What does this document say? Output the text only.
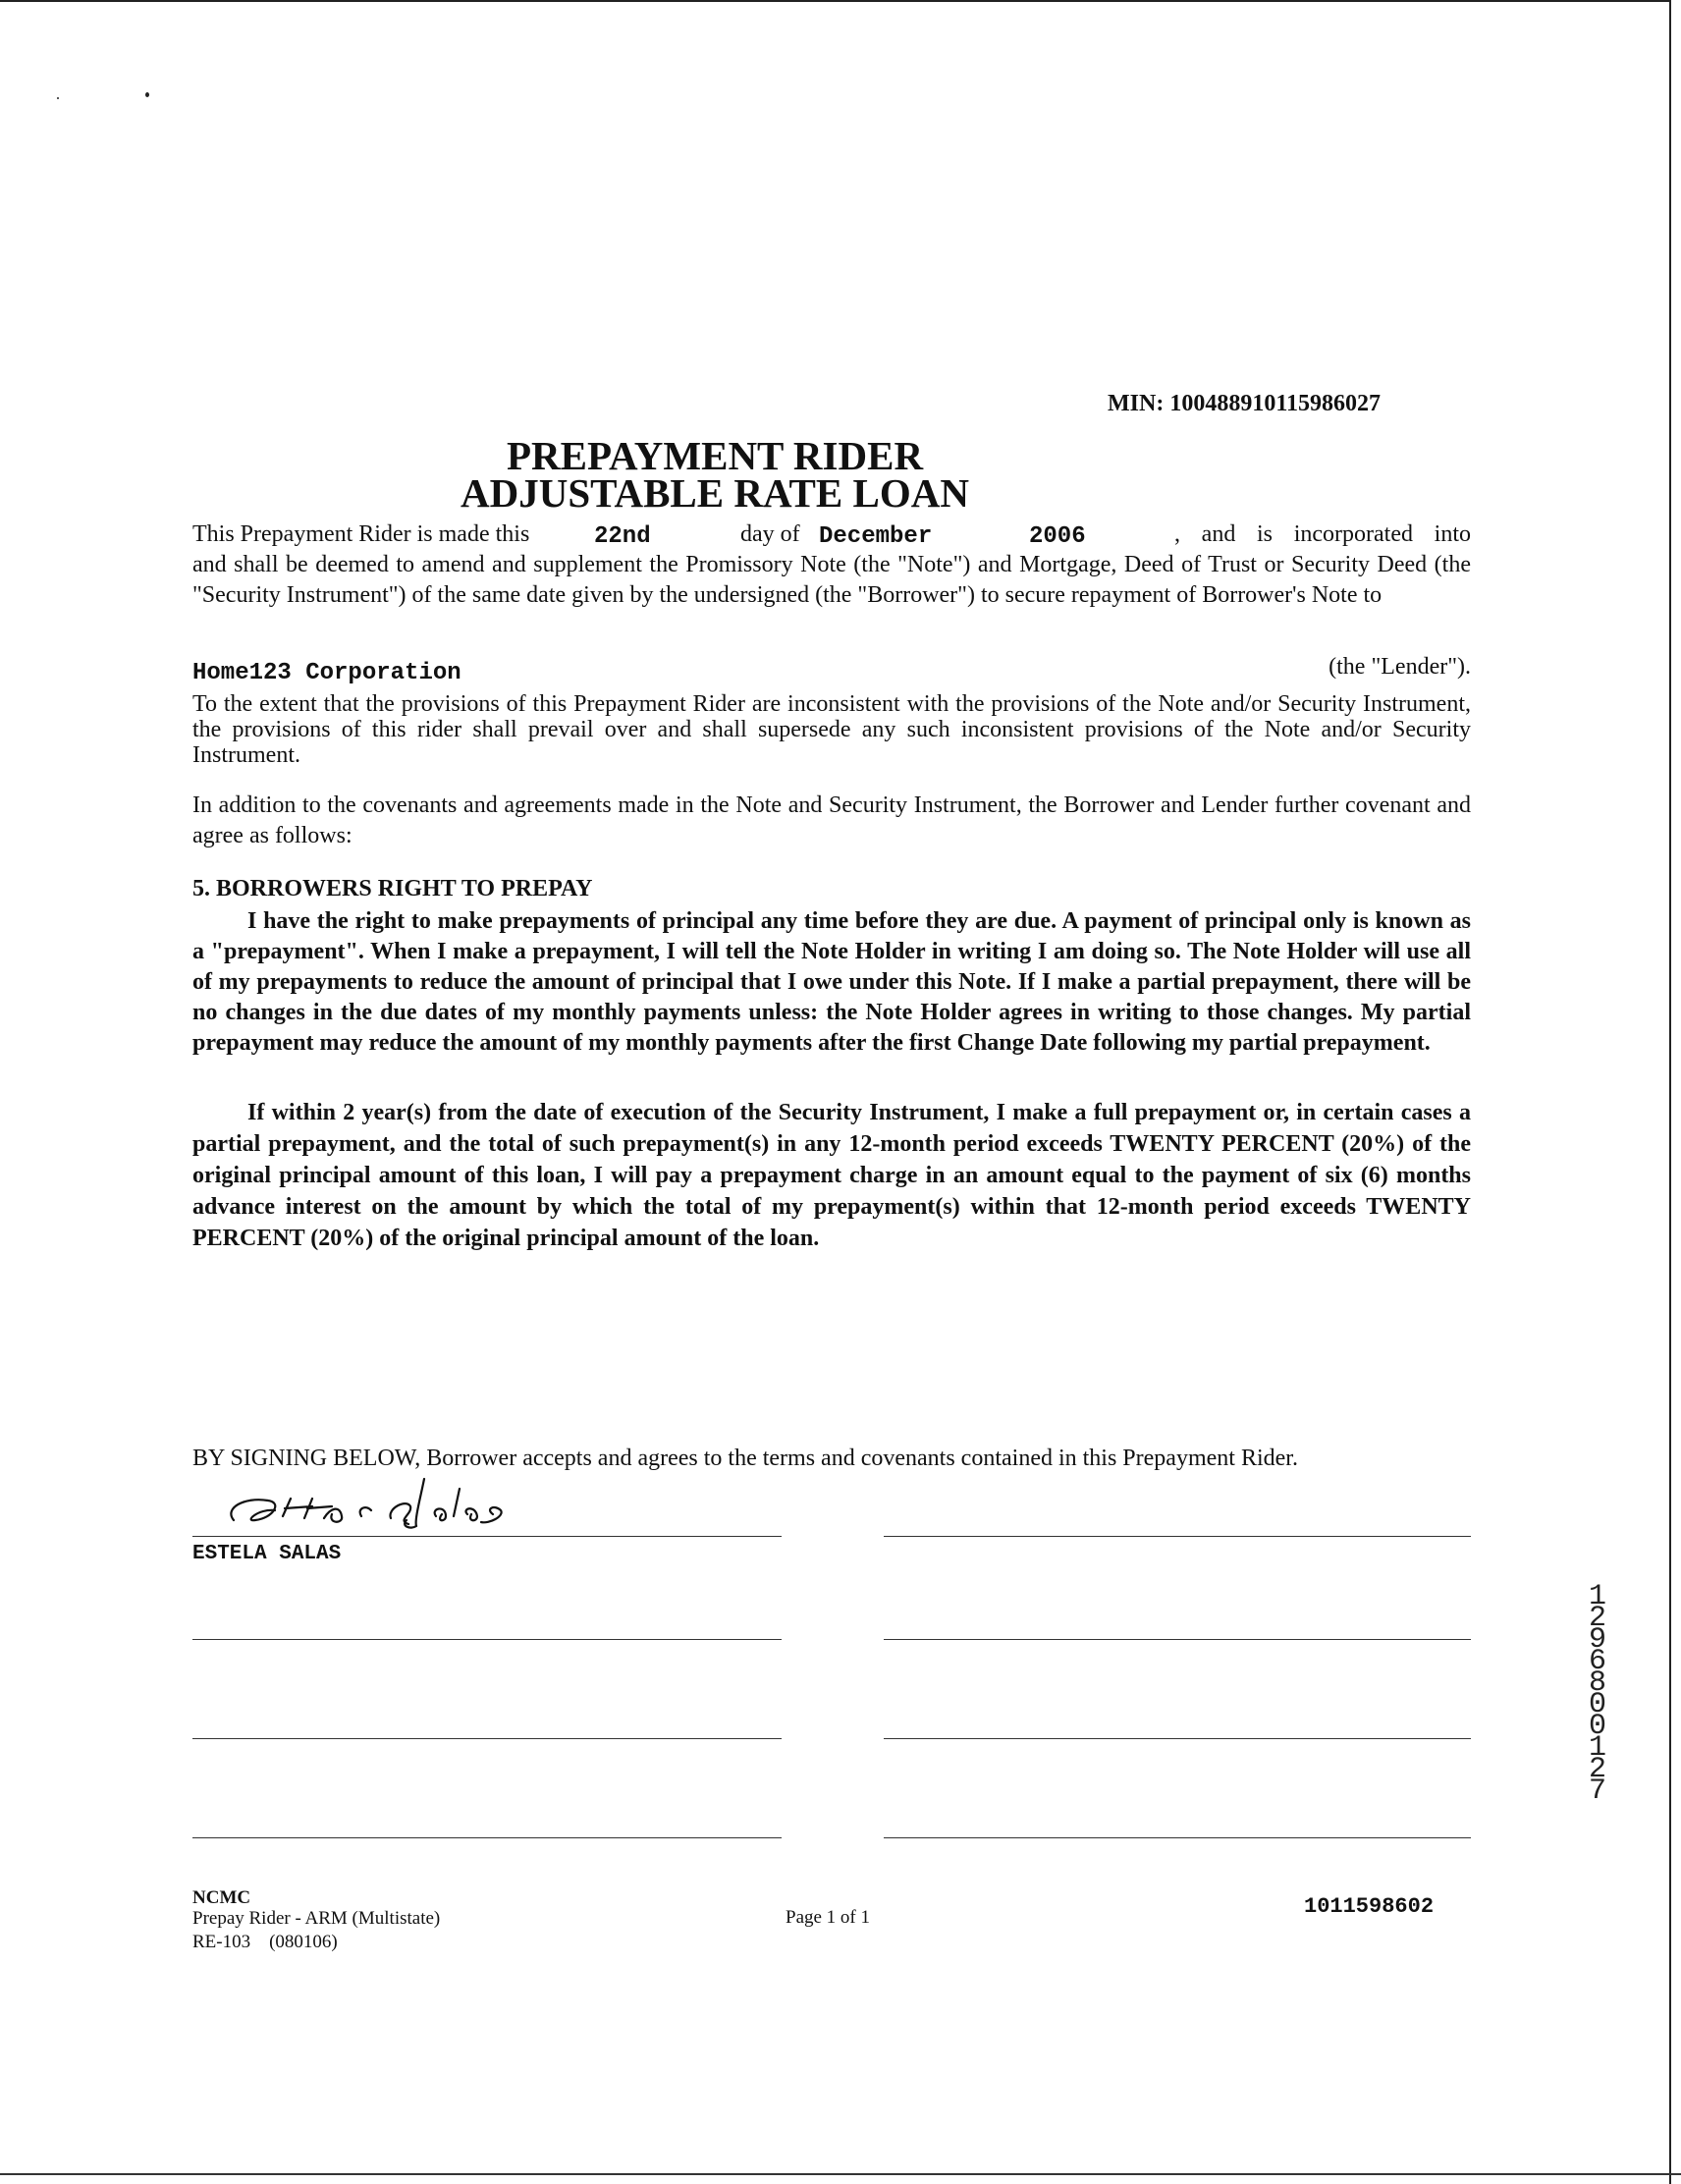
MIN: 100488910115986027
PREPAYMENT RIDER
ADJUSTABLE RATE LOAN
This Prepayment Rider is made this	22nd	day of December	2006	, and is incorporated into
and shall be deemed to amend and supplement the Promissory Note (the "Note") and Mortgage, Deed of Trust or Security Deed (the "Security Instrument") of the same date given by the undersigned (the "Borrower") to secure repayment of Borrower's Note to
Home123 Corporation	(the "Lender").
To the extent that the provisions of this Prepayment Rider are inconsistent with the provisions of the Note and/or Security Instrument, the provisions of this rider shall prevail over and shall supersede any such inconsistent provisions of the Note and/or Security Instrument.
In addition to the covenants and agreements made in the Note and Security Instrument, the Borrower and Lender further covenant and agree as follows:
5. BORROWERS RIGHT TO PREPAY
I have the right to make prepayments of principal any time before they are due. A payment of principal only is known as a "prepayment". When I make a prepayment, I will tell the Note Holder in writing I am doing so. The Note Holder will use all of my prepayments to reduce the amount of principal that I owe under this Note. If I make a partial prepayment, there will be no changes in the due dates of my monthly payments unless: the Note Holder agrees in writing to those changes. My partial prepayment may reduce the amount of my monthly payments after the first Change Date following my partial prepayment.
If within 2 year(s) from the date of execution of the Security Instrument, I make a full prepayment or, in certain cases a partial prepayment, and the total of such prepayment(s) in any 12-month period exceeds TWENTY PERCENT (20%) of the original principal amount of this loan, I will pay a prepayment charge in an amount equal to the payment of six (6) months advance interest on the amount by which the total of my prepayment(s) within that 12-month period exceeds TWENTY PERCENT (20%) of the original principal amount of the loan.
BY SIGNING BELOW, Borrower accepts and agrees to the terms and covenants contained in this Prepayment Rider.
ESTELA SALAS
NCMC
Prepay Rider - ARM (Multistate)
RE-103    (080106)
Page 1 of 1	1011598602
1296800127
